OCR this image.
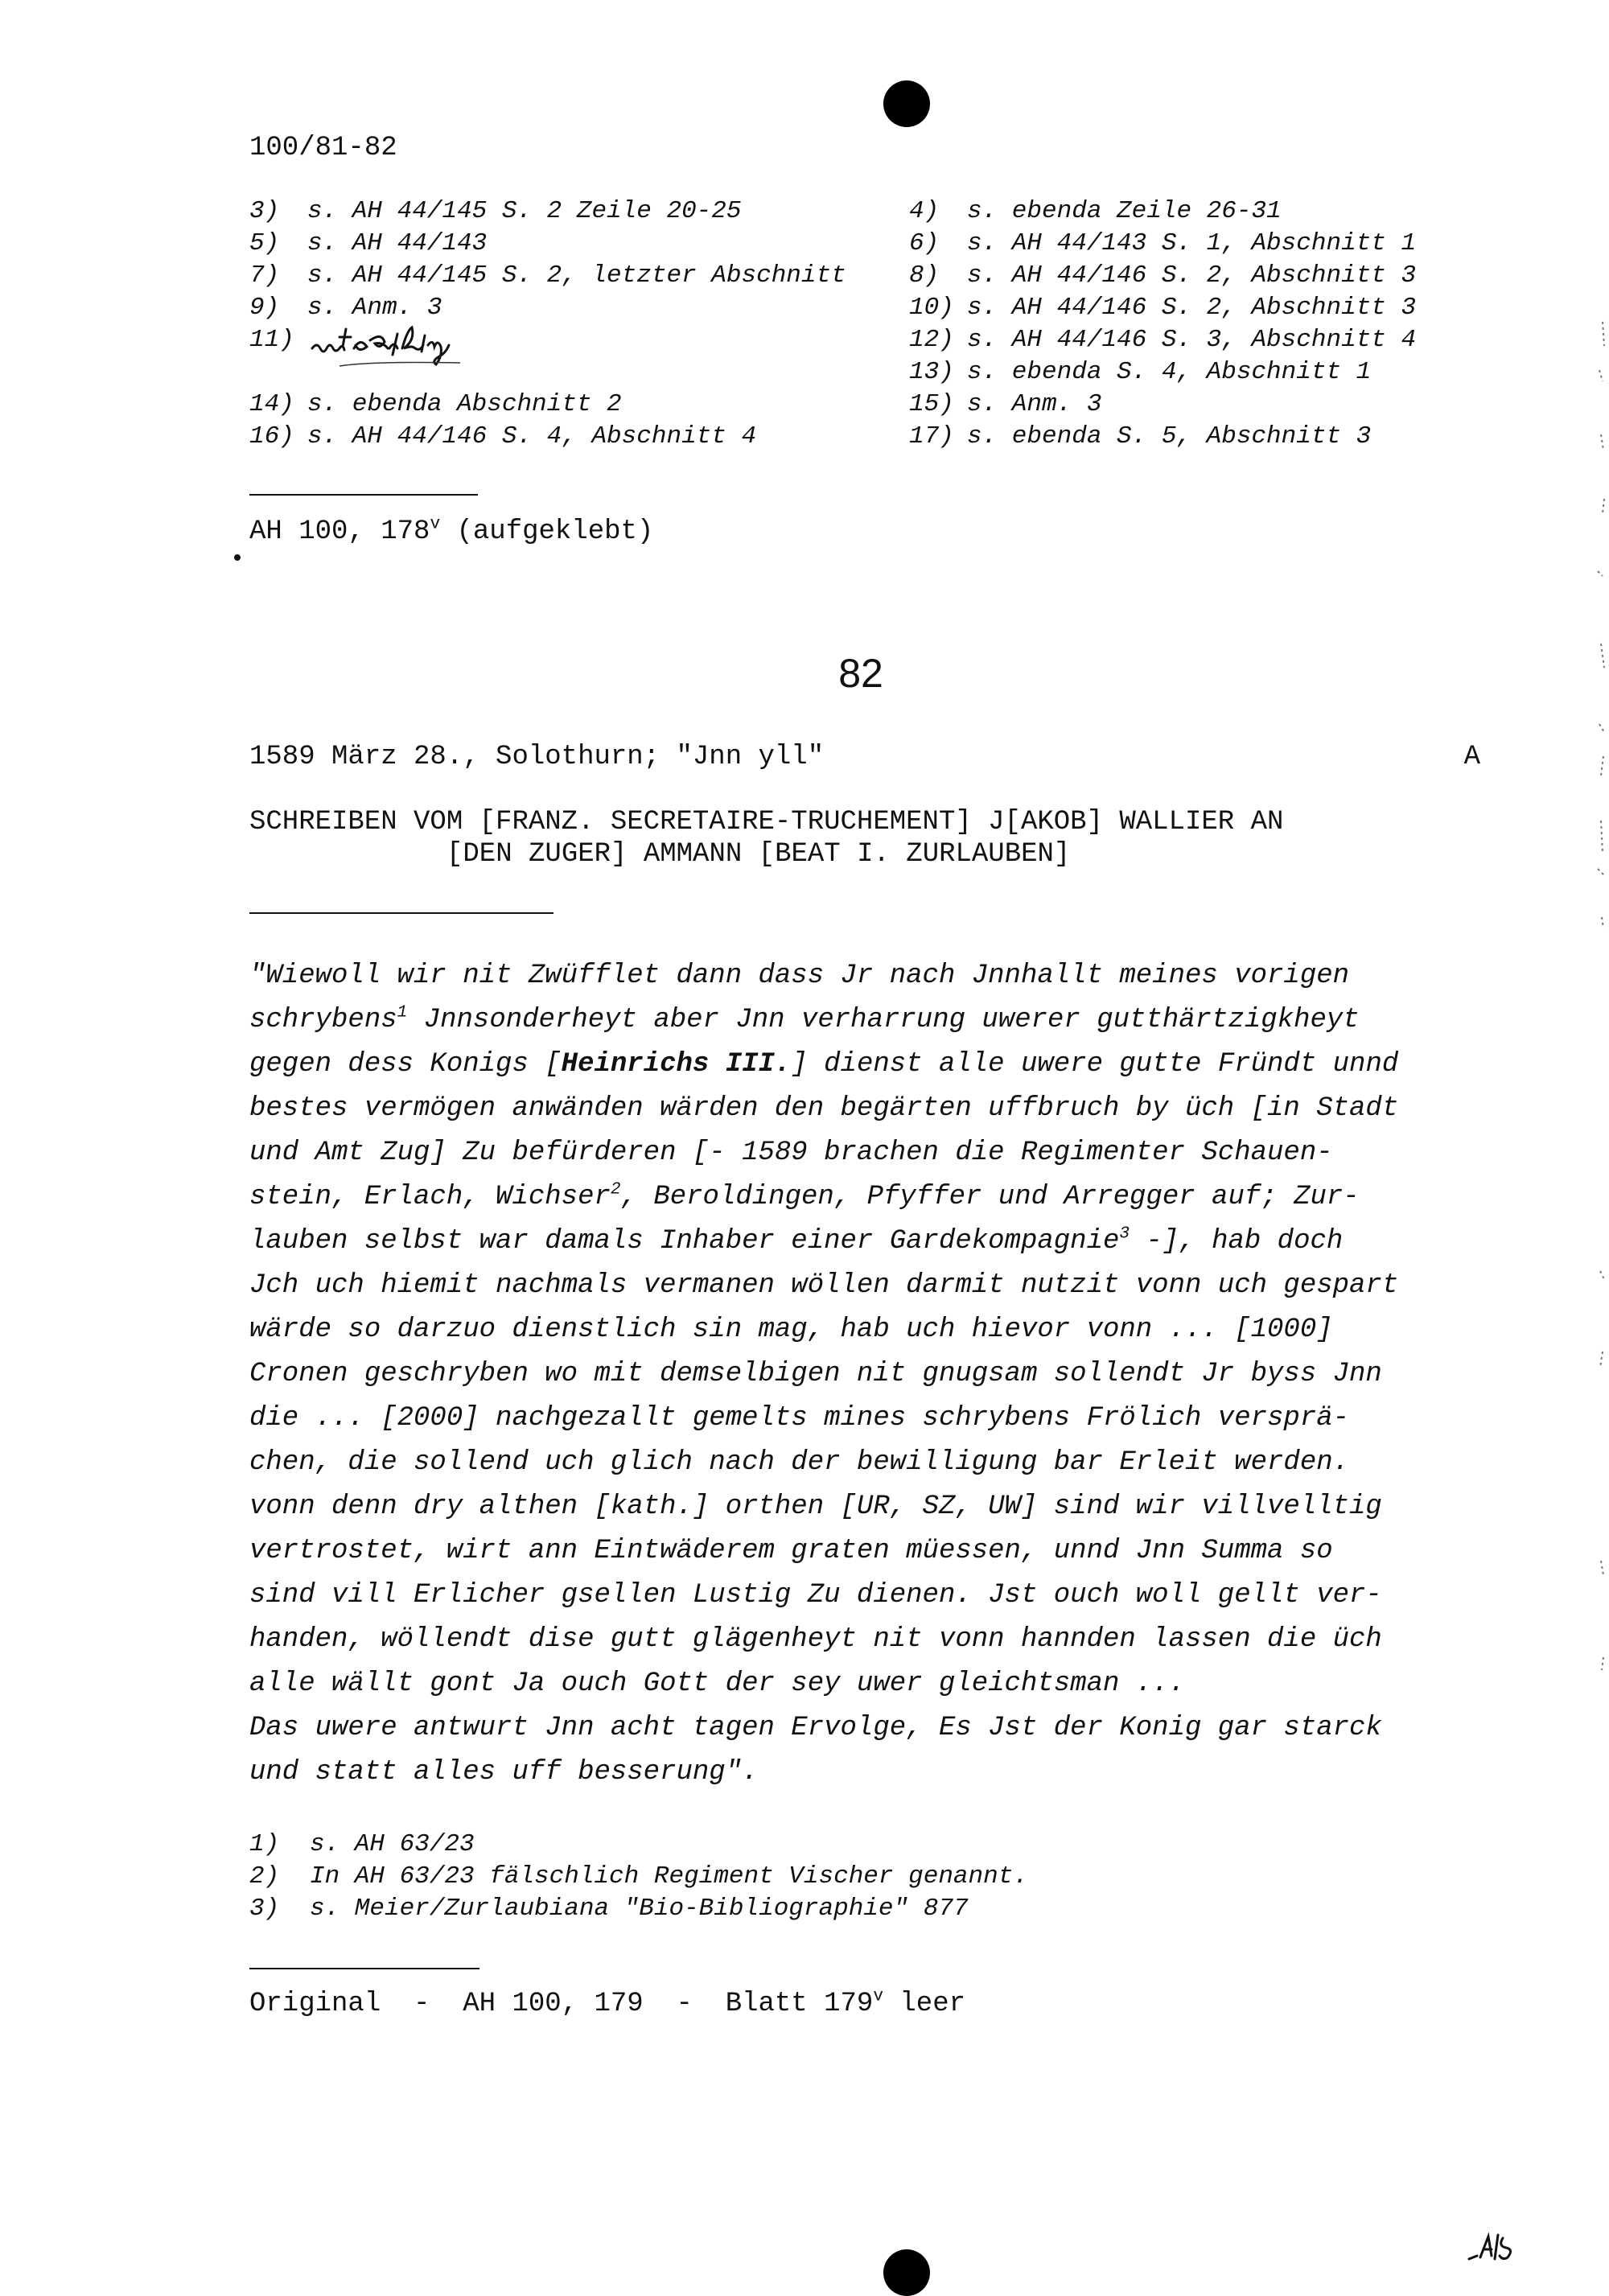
100/81-82
3) s. AH 44/145 S. 2 Zeile 20-25	4) s. ebenda Zeile 26-31
5) s. AH 44/143	6) s. AH 44/143 S. 1, Abschnitt 1
7) s. AH 44/145 S. 2, letzter Abschnitt	8) s. AH 44/146 S. 2, Abschnitt 3
9) s. Anm. 3	10) s. AH 44/146 S. 2, Abschnitt 3
11)	12) s. AH 44/146 S. 3, Abschnitt 4
13) s. ebenda S. 4, Abschnitt 1
14) s. ebenda Abschnitt 2	15) s. Anm. 3
16) s. AH 44/146 S. 4, Abschnitt 4	17) s. ebenda S. 5, Abschnitt 3
AH 100, 178$^v$ (aufgeklebt)
82
1589 März 28., Solothurn; "Jnn yll"	A
SCHREIBEN VOM [FRANZ. SECRETAIRE-TRUCHEMENT] J[AKOB] WALLIER AN
[DEN ZUGER] AMMANN [BEAT I. ZURLAUBEN]
"Wiewoll wir nit Zwüfflet dann dass Jr nach Jnnhallt meines vorigen
schrybens$^1$ Jnnsonderheyt aber Jnn verharrung uwerer gutthärtzigkheyt
gegen dess Konigs [Heinrichs III.] dienst alle uwere gutte Fründt unnd
bestes vermögen anwänden wärden den begärten uffbruch by üch [in Stadt
und Amt Zug] Zu befürderen [- 1589 brachen die Regimenter Schauen-
stein, Erlach, Wichser$^2$, Beroldingen, Pfyffer und Arregger auf; Zur-
lauben selbst war damals Inhaber einer Gardekompagnie$^3$ -], hab doch
Jch uch hiemit nachmals vermanen wöllen darmit nutzit vonn uch gespart
wärde so darzuo dienstlich sin mag, hab uch hievor vonn ... [1000]
Cronen geschryben wo mit demselbigen nit gnugsam sollendt Jr byss Jnn
die ... [2000] nachgezallt gemelts mines schrybens Frölich versprä-
chen, die sollend uch glich nach der bewilligung bar Erleit werden.
vonn denn dry althen [kath.] orthen [UR, SZ, UW] sind wir villvelltig
vertrostet, wirt ann Eintwäderem graten müessen, unnd Jnn Summa so
sind vill Erlicher gsellen Lustig Zu dienen. Jst ouch woll gellt ver-
handen, wöllendt dise gutt glägenheyt nit vonn hannden lassen die üch
alle wällt gont Ja ouch Gott der sey uwer gleichtsman ...
Das uwere antwurt Jnn acht tagen Ervolge, Es Jst der Konig gar starck
und statt alles uff besserung".
1)	s. AH 63/23
2)	In AH 63/23 fälschlich Regiment Vischer genannt.
3)	s. Meier/Zurlaubiana "Bio-Bibliographie" 877
Original  -  AH 100, 179  -  Blatt 179$^v$ leer
